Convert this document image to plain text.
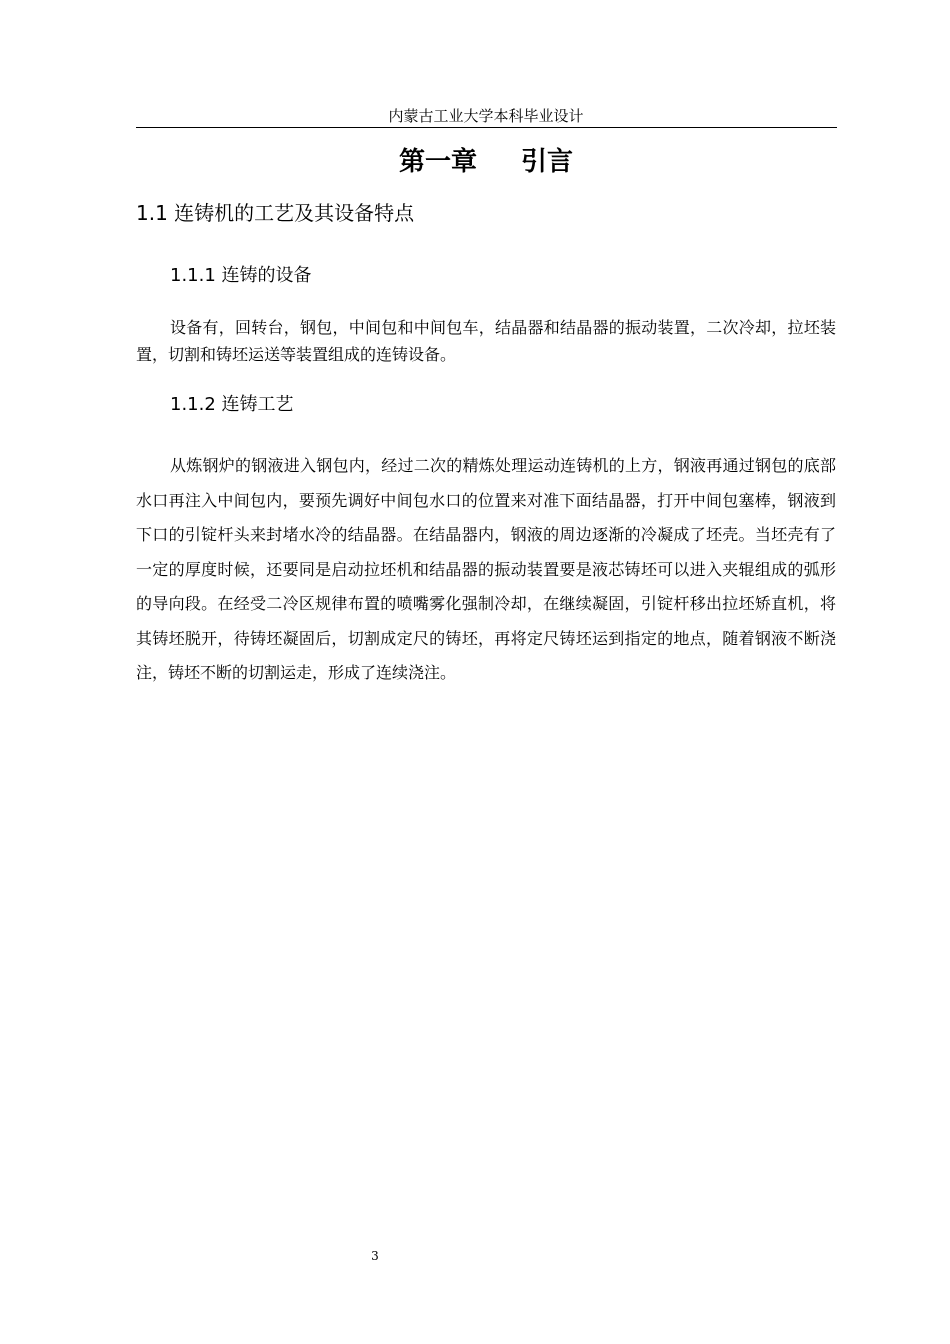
内蒙古工业大学本科毕业设计
第一章 引言
1.1 连铸机的工艺及其设备特点
1.1.1 连铸的设备

设备有，回转台，钢包，中间包和中间包车，结晶器和结晶器的振动装置，二次冷却，拉坯装置，切割和铸坯运送等装置组成的连铸设备。

1.1.2 连铸工艺

从炼钢炉的钢液进入钢包内，经过二次的精炼处理运动连铸机的上方，钢液再通过钢包的底部水口再注入中间包内，要预先调好中间包水口的位置来对准下面结晶器，打开中间包塞棒，钢液到下口的引锭杆头来封堵水冷的结晶器。在结晶器内，钢液的周边逐渐的冷凝成了坯壳。当坯壳有了一定的厚度时候，还要同是启动拉坯机和结晶器的振动装置要是液芯铸坯可以进入夹辊组成的弧形的导向段。在经受二冷区规律布置的喷嘴雾化强制冷却，在继续凝固，引锭杆移出拉坯矫直机，将其铸坯脱开，待铸坯凝固后，切割成定尺的铸坯，再将定尺铸坯运到指定的地点，随着钢液不断浇注，铸坯不断的切割运走，形成了连续浇注。

3
